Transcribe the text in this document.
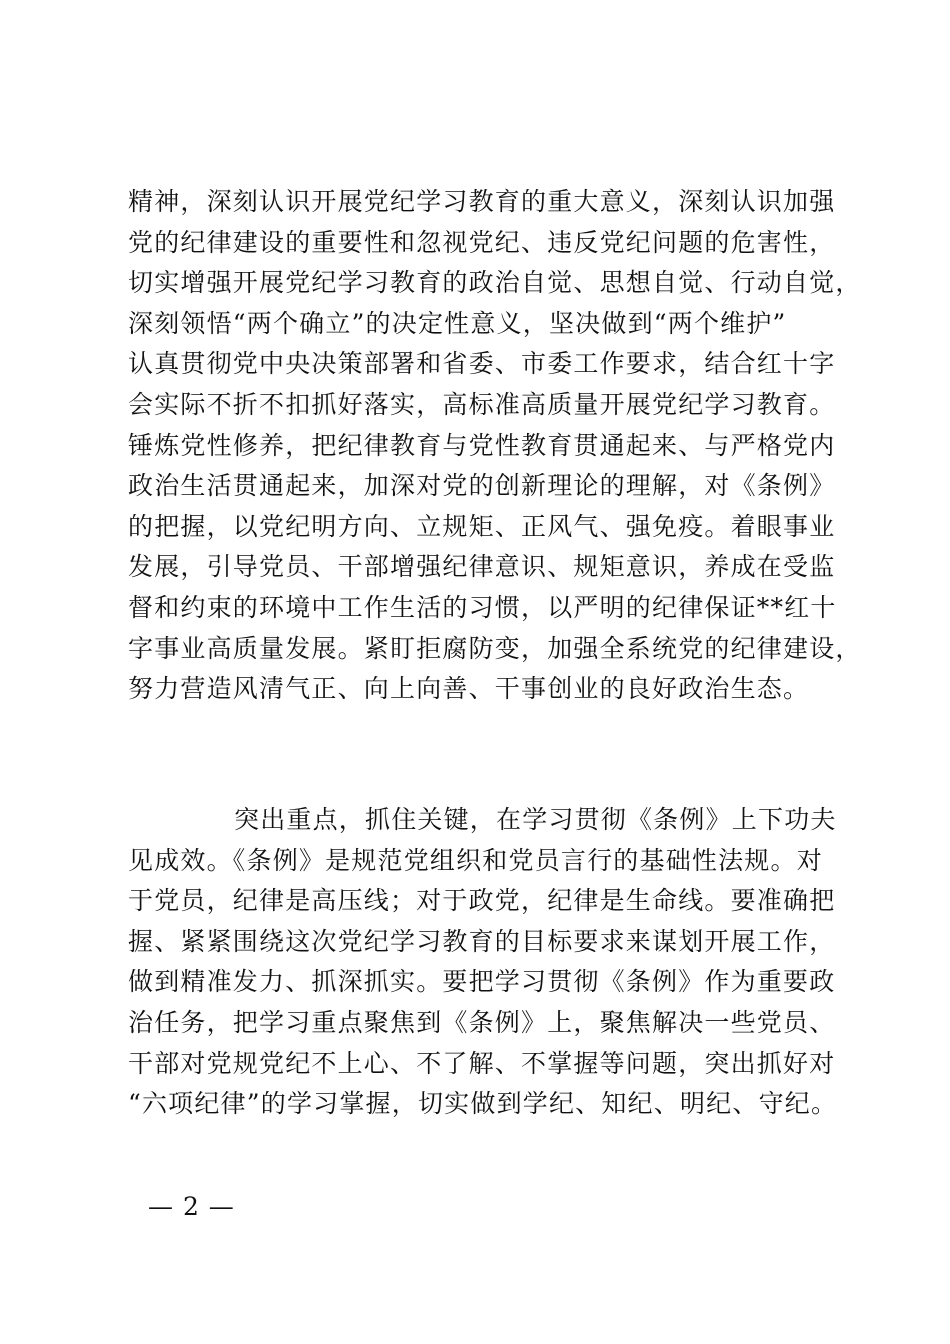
精神，深刻认识开展党纪学习教育的重大意义，深刻认识加强
党的纪律建设的重要性和忽视党纪、违反党纪问题的危害性，
切实增强开展党纪学习教育的政治自觉、思想自觉、行动自觉，
深刻领悟“两个确立”的决定性意义，坚决做到“两个维护”
认真贯彻党中央决策部署和省委、市委工作要求，结合红十字
会实际不折不扣抓好落实，高标准高质量开展党纪学习教育。
锤炼党性修养，把纪律教育与党性教育贯通起来、与严格党内
政治生活贯通起来，加深对党的创新理论的理解，对《条例》
的把握，以党纪明方向、立规矩、正风气、强免疫。着眼事业
发展，引导党员、干部增强纪律意识、规矩意识，养成在受监
督和约束的环境中工作生活的习惯，以严明的纪律保证**红十
字事业高质量发展。紧盯拒腐防变，加强全系统党的纪律建设，
努力营造风清气正、向上向善、干事创业的良好政治生态。
突出重点，抓住关键，在学习贯彻《条例》上下功夫
见成效。《条例》是规范党组织和党员言行的基础性法规。对
于党员，纪律是高压线；对于政党，纪律是生命线。要准确把
握、紧紧围绕这次党纪学习教育的目标要求来谋划开展工作，
做到精准发力、抓深抓实。要把学习贯彻《条例》作为重要政
治任务，把学习重点聚焦到《条例》上，聚焦解决一些党员、
干部对党规党纪不上心、不了解、不掌握等问题，突出抓好对
“六项纪律”的学习掌握，切实做到学纪、知纪、明纪、守纪。
— 2 —
